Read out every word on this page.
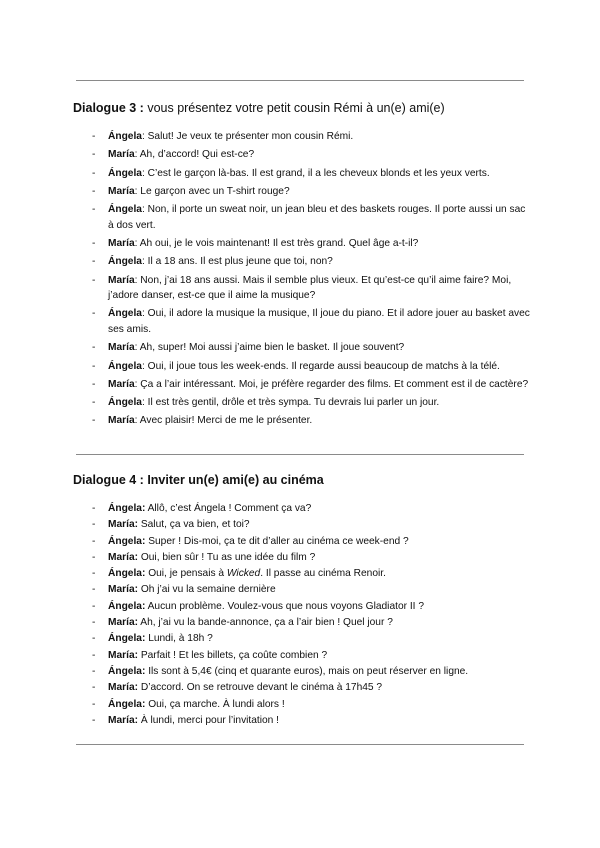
Dialogue 3 : vous présentez votre petit cousin Rémi à un(e) ami(e)
- Ángela: Salut! Je veux te présenter mon cousin Rémi.
- María: Ah, d’accord! Qui est-ce?
- Ángela: C’est le garçon là-bas. Il est grand, il a les cheveux blonds et les yeux verts.
- María: Le garçon avec un T-shirt rouge?
- Ángela: Non, il porte un sweat noir, un jean bleu et des baskets rouges. Il porte aussi un sac à dos vert.
- María: Ah oui, je le vois maintenant! Il est très grand. Quel âge a-t-il?
- Ángela: Il a 18 ans. Il est plus jeune que toi, non?
- María: Non, j’ai 18 ans aussi. Mais il semble plus vieux. Et qu’est-ce qu’il aime faire? Moi, j’adore danser, est-ce que il aime la musique?
- Ángela: Oui, il adore la musique la musique, Il joue du piano. Et il adore jouer au basket avec ses amis.
- María: Ah, super! Moi aussi j’aime bien le basket. Il joue souvent?
- Ángela: Oui, il joue tous les week-ends. Il regarde aussi beaucoup de matchs à la télé.
- María: Ça a l’air intéressant. Moi, je préfère regarder des films. Et comment est il de cactère?
- Ángela: Il est très gentil, drôle et très sympa. Tu devrais lui parler un jour.
- María: Avec plaisir! Merci de me le présenter.
Dialogue 4 : Inviter un(e) ami(e) au cinéma
- Ángela: Allô, c’est Ángela ! Comment ça va?
- María: Salut, ça va bien, et toi?
- Ángela: Super ! Dis-moi, ça te dit d’aller au cinéma ce week-end ?
- María: Oui, bien sûr ! Tu as une idée du film ?
- Ángela: Oui, je pensais à Wicked. Il passe au cinéma Renoir.
- María: Oh j’ai vu la semaine dernière
- Ángela: Aucun problème. Voulez-vous que nous voyons Gladiator II ?
- María: Ah, j’ai vu la bande-annonce, ça a l’air bien ! Quel jour ?
- Ángela: Lundi, à 18h ?
- María: Parfait ! Et les billets, ça coûte combien ?
- Ángela: Ils sont à 5,4€ (cinq et quarante euros), mais on peut réserver en ligne.
- María: D’accord. On se retrouve devant le cinéma à 17h45 ?
- Ángela: Oui, ça marche. À lundi alors !
- María: À lundi, merci pour l’invitation !
